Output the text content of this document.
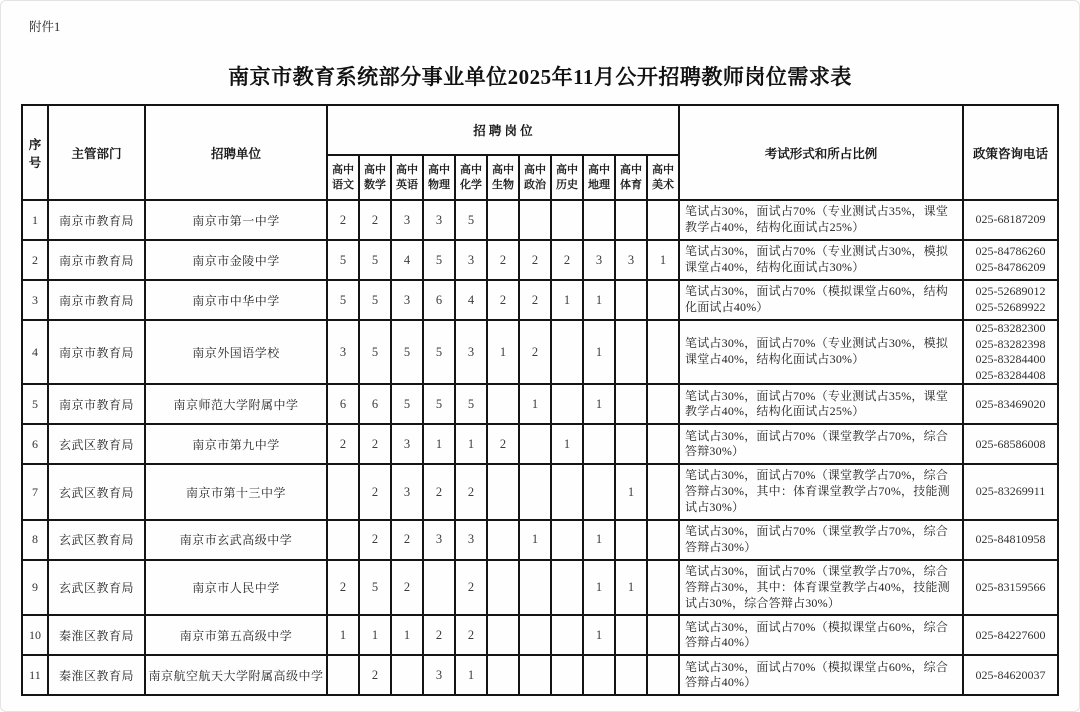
附件1
南京市教育系统部分事业单位2025年11月公开招聘教师岗位需求表
序号	主管部门	招聘单位	招 聘 岗 位											考试形式和所占比例	政策咨询电话
			高中语文	高中数学	高中英语	高中物理	高中化学	高中生物	高中政治	高中历史	高中地理	高中体育	高中美术		
1	南京市教育局	南京市第一中学	2	2	3	3	5							笔试占30%，面试占70%（专业测试占35%，课堂教学占40%，结构化面试占25%）	025-68187209

2	南京市教育局	南京市金陵中学	5	5	4	5	3	2	2	2	3	3	1	笔试占30%，面试占70%（专业测试占30%，模拟课堂占40%，结构化面试占30%）	025-84786260
025-84786209

3	南京市教育局	南京市中华中学	5	5	3	6	4	2	2	1	1			笔试占30%，面试占70%（模拟课堂占60%，结构化面试占40%）	025-52689012
025-52689922

4	南京市教育局	南京外国语学校	3	5	5	5	3	1	2		1			笔试占30%，面试占70%（专业测试占30%，模拟课堂占40%，结构化面试占30%）	025-83282300
025-83282398
025-83284400
025-83284408

5	南京市教育局	南京师范大学附属中学	6	6	5	5	5		1		1			笔试占30%，面试占70%（专业测试占35%，课堂教学占40%，结构化面试占25%）	025-83469020

6	玄武区教育局	南京市第九中学	2	2	3	1	1	2		1				笔试占30%，面试占70%（课堂教学占70%，综合答辩30%）	025-68586008

7	玄武区教育局	南京市第十三中学		2	3	2	2					1		笔试占30%，面试占70%（课堂教学占70%，综合答辩占30%，其中：体育课堂教学占70%，技能测试占30%）	025-83269911

8	玄武区教育局	南京市玄武高级中学		2	2	3	3		1		1			笔试占30%，面试占70%（课堂教学占70%，综合答辩占30%）	025-84810958

9	玄武区教育局	南京市人民中学	2	5	2		2				1	1		笔试占30%，面试占70%（课堂教学占70%，综合答辩占30%，其中：体育课堂教学占40%，技能测试占30%，综合答辩占30%）	025-83159566

10	秦淮区教育局	南京市第五高级中学	1	1	1	2	2				1			笔试占30%，面试占70%（模拟课堂占60%，综合答辩占40%）	025-84227600

11	秦淮区教育局	南京航空航天大学附属高级中学		2		3	1							笔试占30%，面试占70%（模拟课堂占60%，综合答辩占40%）	025-84620037
